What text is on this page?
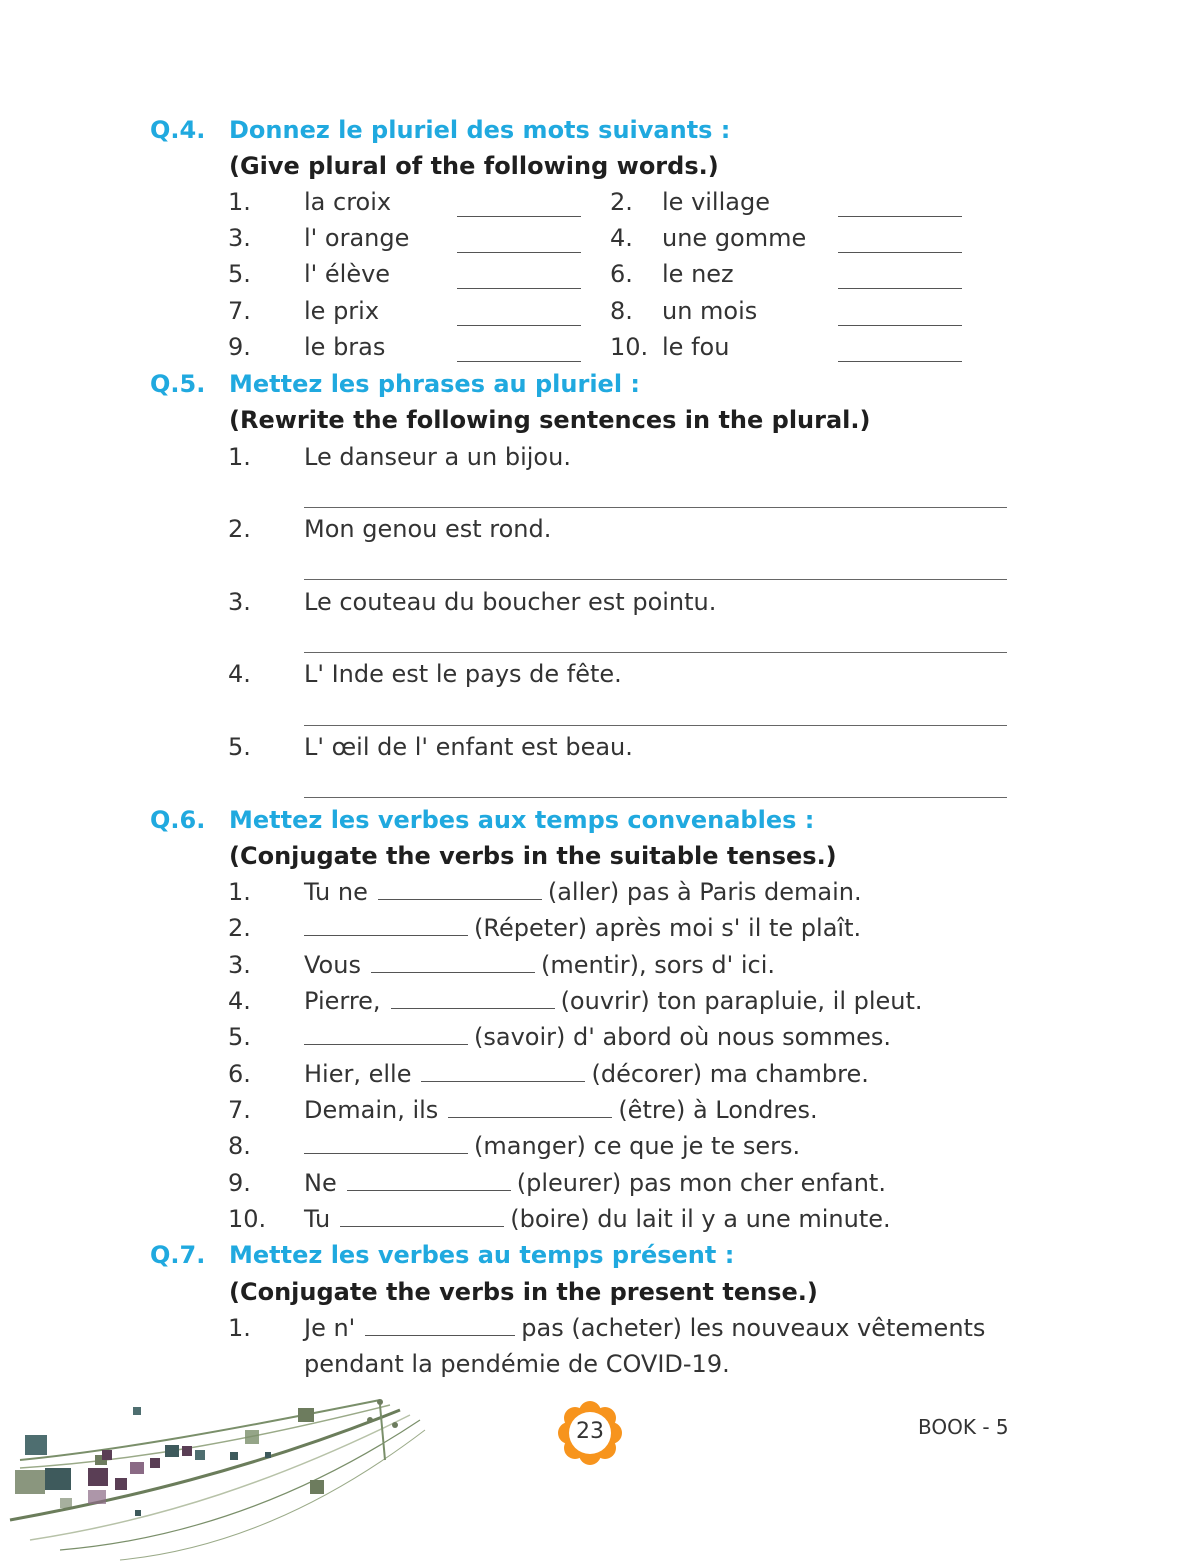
Q.4. Donnez le pluriel des mots suivants :
(Give plural of the following words.)
1. la croix	2. le village
3. l' orange	4. une gomme
5. l' élève	6. le nez
7. le prix	8. un mois
9. le bras	10. le fou
Q.5. Mettez les phrases au pluriel :
(Rewrite the following sentences in the plural.)
1. Le danseur a un bijou.
2. Mon genou est rond.
3. Le couteau du boucher est pointu.
4. L' Inde est le pays de fête.
5. L' œil de l' enfant est beau.
Q.6. Mettez les verbes aux temps convenables :
(Conjugate the verbs in the suitable tenses.)
1. Tu ne	(aller) pas à Paris demain.
2.	(Répeter) après moi s' il te plaît.
3. Vous	(mentir), sors d' ici.
4. Pierre,	(ouvrir) ton parapluie, il pleut.
5.	(savoir) d' abord où nous sommes.
6. Hier, elle	(décorer) ma chambre.
7. Demain, ils	(être) à Londres.
8.	(manger) ce que je te sers.
9. Ne	(pleurer) pas mon cher enfant.
10. Tu	(boire) du lait il y a une minute.
Q.7. Mettez les verbes au temps présent :
(Conjugate the verbs in the present tense.)
1. Je n'	pas (acheter) les nouveaux vêtements
pendant la pendémie de COVID-19.
23	BOOK - 5
